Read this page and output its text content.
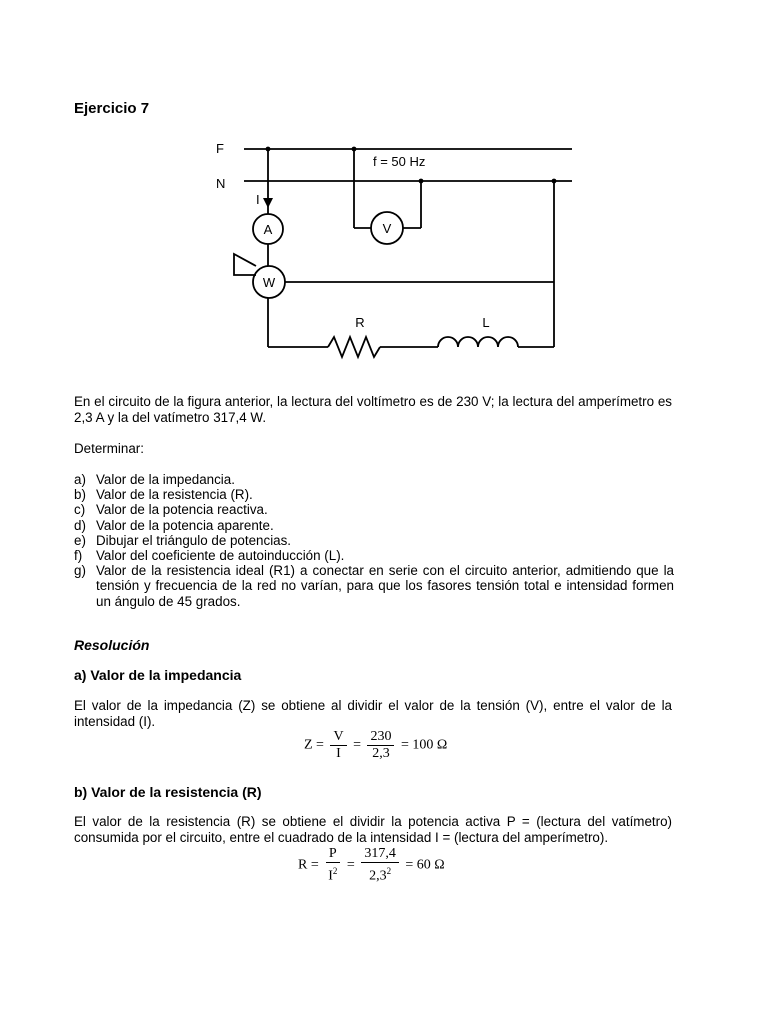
Ejercicio 7
F
N
I
f = 50 Hz
A	V
W
R	L
En el circuito de la figura anterior, la lectura del voltímetro es de 230 V; la lectura del amperímetro es 2,3 A y la del vatímetro 317,4 W.
Determinar:
a) Valor de la impedancia.
b) Valor de la resistencia (R).
c) Valor de la potencia reactiva.
d) Valor de la potencia aparente.
e) Dibujar el triángulo de potencias.
f) Valor del coeficiente de autoinducción (L).
g) Valor de la resistencia ideal (R1) a conectar en serie con el circuito anterior, admitiendo que la tensión y frecuencia de la red no varían, para que los fasores tensión total e intensidad formen un ángulo de 45 grados.
Resolución
a) Valor de la impedancia
El valor de la impedancia (Z) se obtiene al dividir el valor de la tensión (V), entre el valor de la intensidad (I).
$Z = \frac{V}{I} = \frac{230}{2,3} = 100$ Ω
b) Valor de la resistencia (R)
El valor de la resistencia (R) se obtiene el dividir la potencia activa P = (lectura del vatímetro) consumida por el circuito, entre el cuadrado de la intensidad I = (lectura del amperímetro).
$R = \frac{P}{I^2} = \frac{317,4}{2,3^2} = 60$ Ω
